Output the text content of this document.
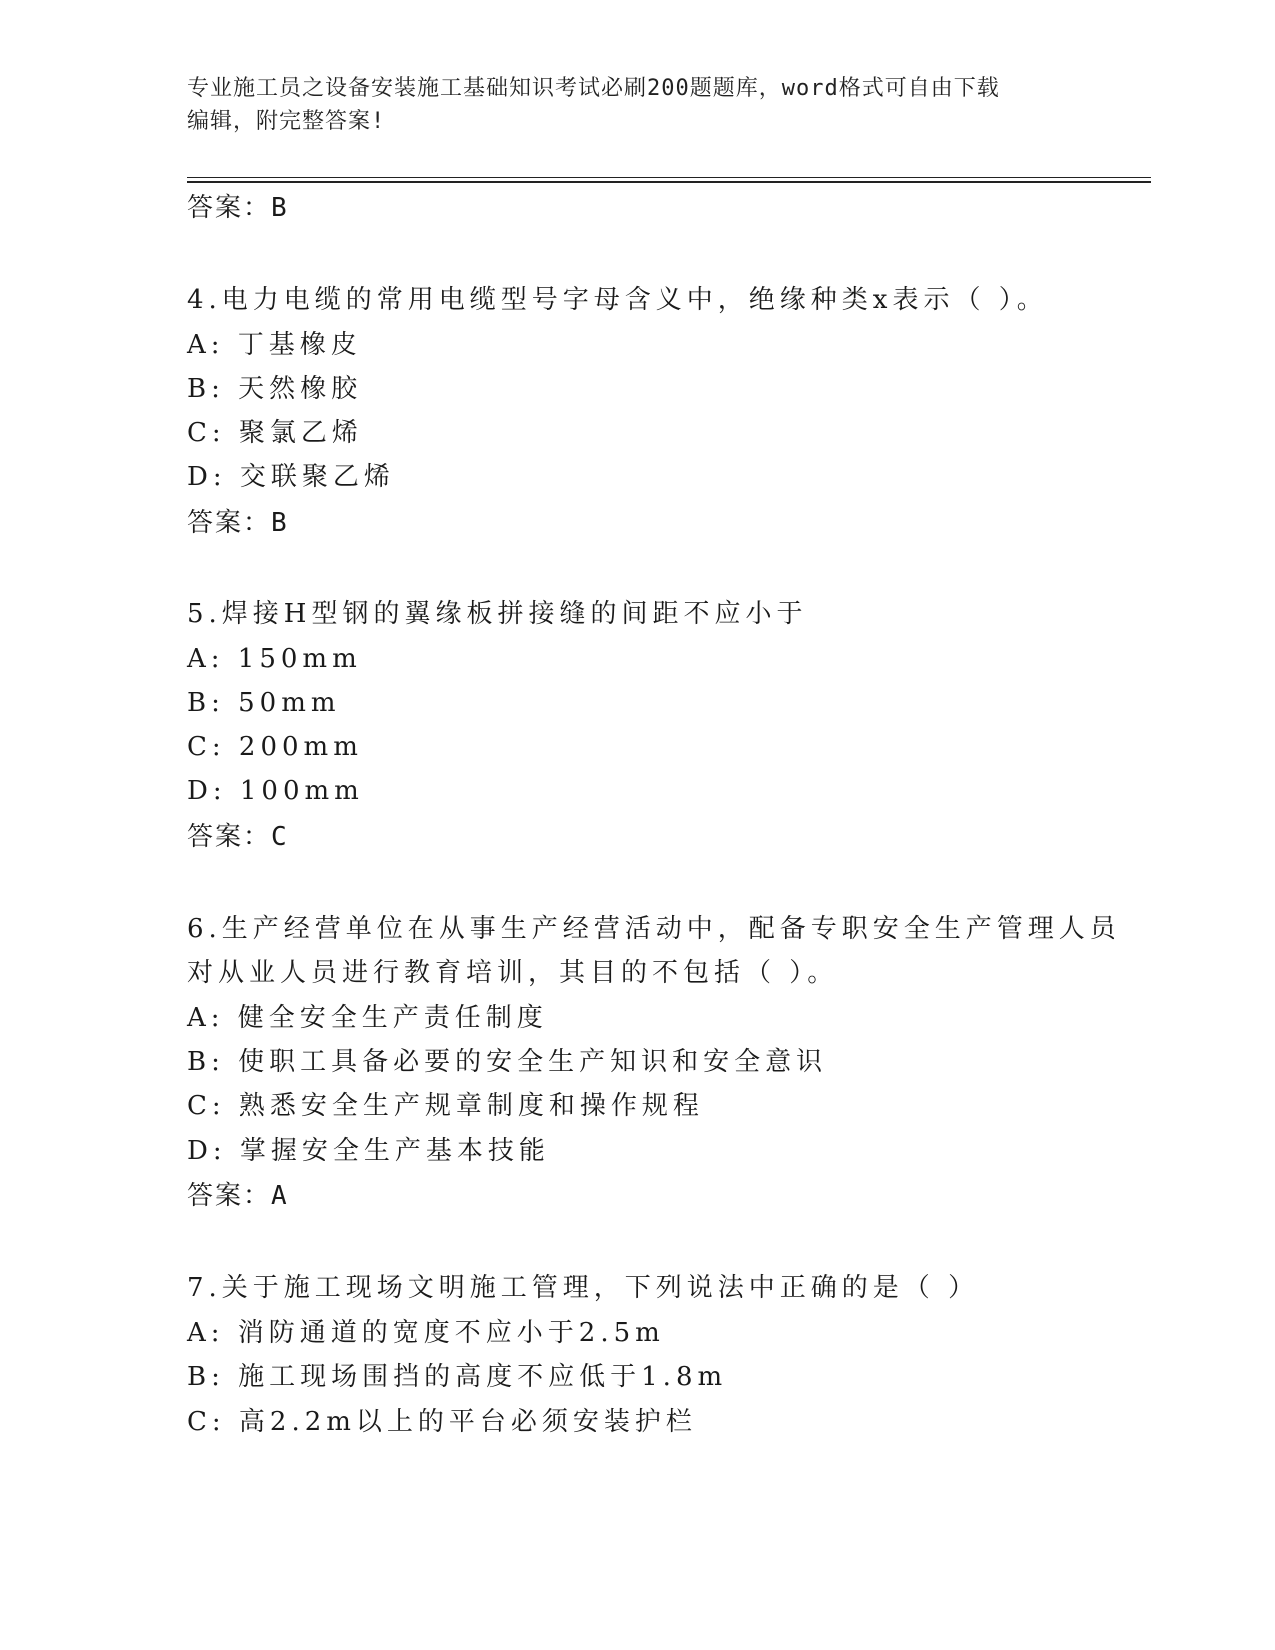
专业施工员之设备安装施工基础知识考试必刷200题题库，word格式可自由下载
编辑，附完整答案!
答案：B
4.电力电缆的常用电缆型号字母含义中，绝缘种类x表示（ ）。
A: 丁基橡皮
B: 天然橡胶
C: 聚氯乙烯
D: 交联聚乙烯
答案：B
5.焊接H型钢的翼缘板拼接缝的间距不应小于
A: 150mm
B: 50mm
C: 200mm
D: 100mm
答案：C
6.生产经营单位在从事生产经营活动中，配备专职安全生产管理人员
对从业人员进行教育培训，其目的不包括（ ）。
A: 健全安全生产责任制度
B: 使职工具备必要的安全生产知识和安全意识
C: 熟悉安全生产规章制度和操作规程
D: 掌握安全生产基本技能
答案：A
7.关于施工现场文明施工管理，下列说法中正确的是（ ）
A: 消防通道的宽度不应小于2.5m
B: 施工现场围挡的高度不应低于1.8m
C: 高2.2m以上的平台必须安装护栏
